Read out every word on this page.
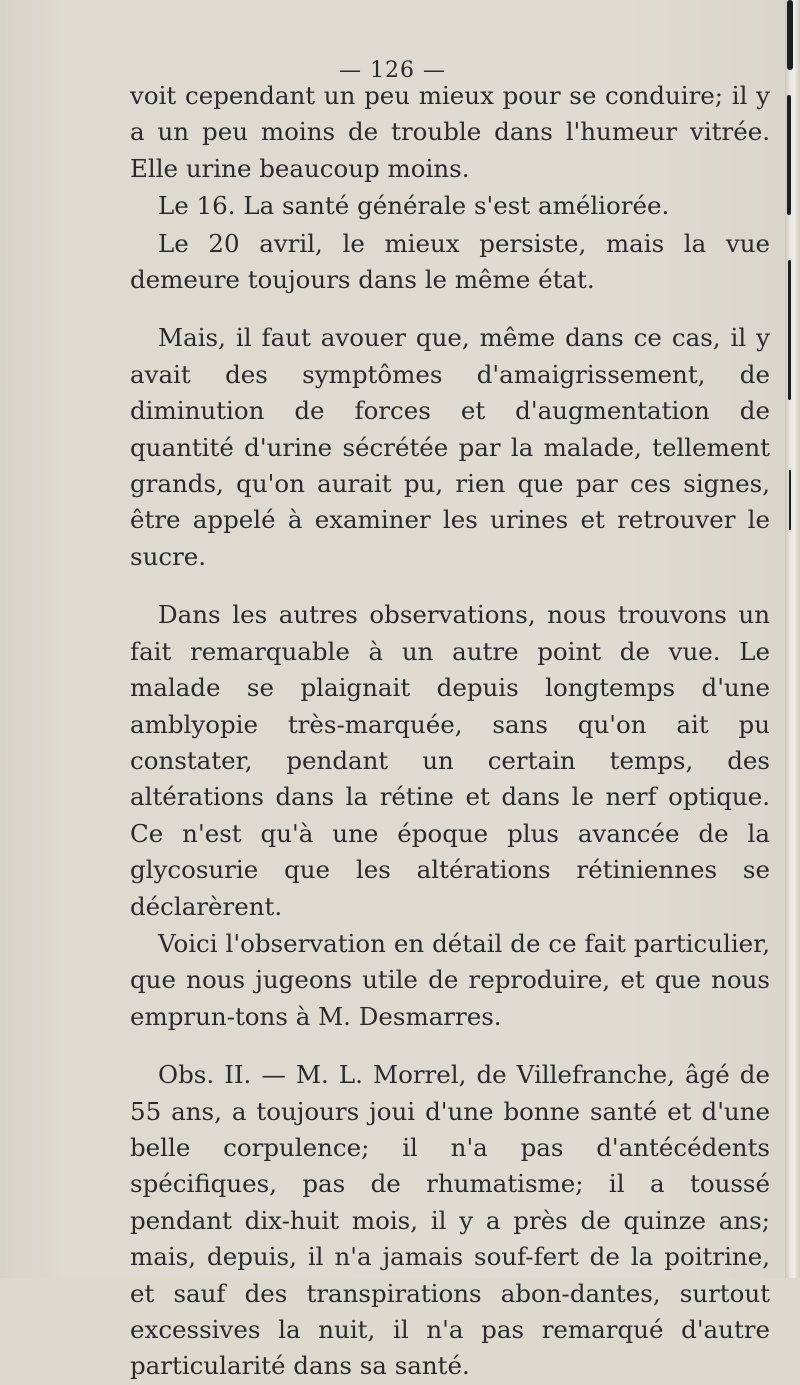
— 126 —

voit cependant un peu mieux pour se conduire; il y a un peu moins de trouble dans l'humeur vitrée. Elle urine beaucoup moins.

Le 16. La santé générale s'est améliorée.

Le 20 avril, le mieux persiste, mais la vue demeure toujours dans le même état.

Mais, il faut avouer que, même dans ce cas, il y avait des symptômes d'amaigrissement, de diminution de forces et d'augmentation de quantité d'urine sécrétée par la malade, tellement grands, qu'on aurait pu, rien que par ces signes, être appelé à examiner les urines et retrouver le sucre.

Dans les autres observations, nous trouvons un fait remarquable à un autre point de vue. Le malade se plaignait depuis longtemps d'une amblyopie très-marquée, sans qu'on ait pu constater, pendant un certain temps, des altérations dans la rétine et dans le nerf optique. Ce n'est qu'à une époque plus avancée de la glycosurie que les altérations rétiniennes se déclarèrent.

Voici l'observation en détail de ce fait particulier, que nous jugeons utile de reproduire, et que nous emprun-tons à M. Desmarres.

Obs. II. — M. L. Morrel, de Villefranche, âgé de 55 ans, a toujours joui d'une bonne santé et d'une belle corpulence; il n'a pas d'antécédents spécifiques, pas de rhumatisme; il a toussé pendant dix-huit mois, il y a près de quinze ans; mais, depuis, il n'a jamais souf-fert de la poitrine, et sauf des transpirations abon-dantes, surtout excessives la nuit, il n'a pas remarqué d'autre particularité dans sa santé.
